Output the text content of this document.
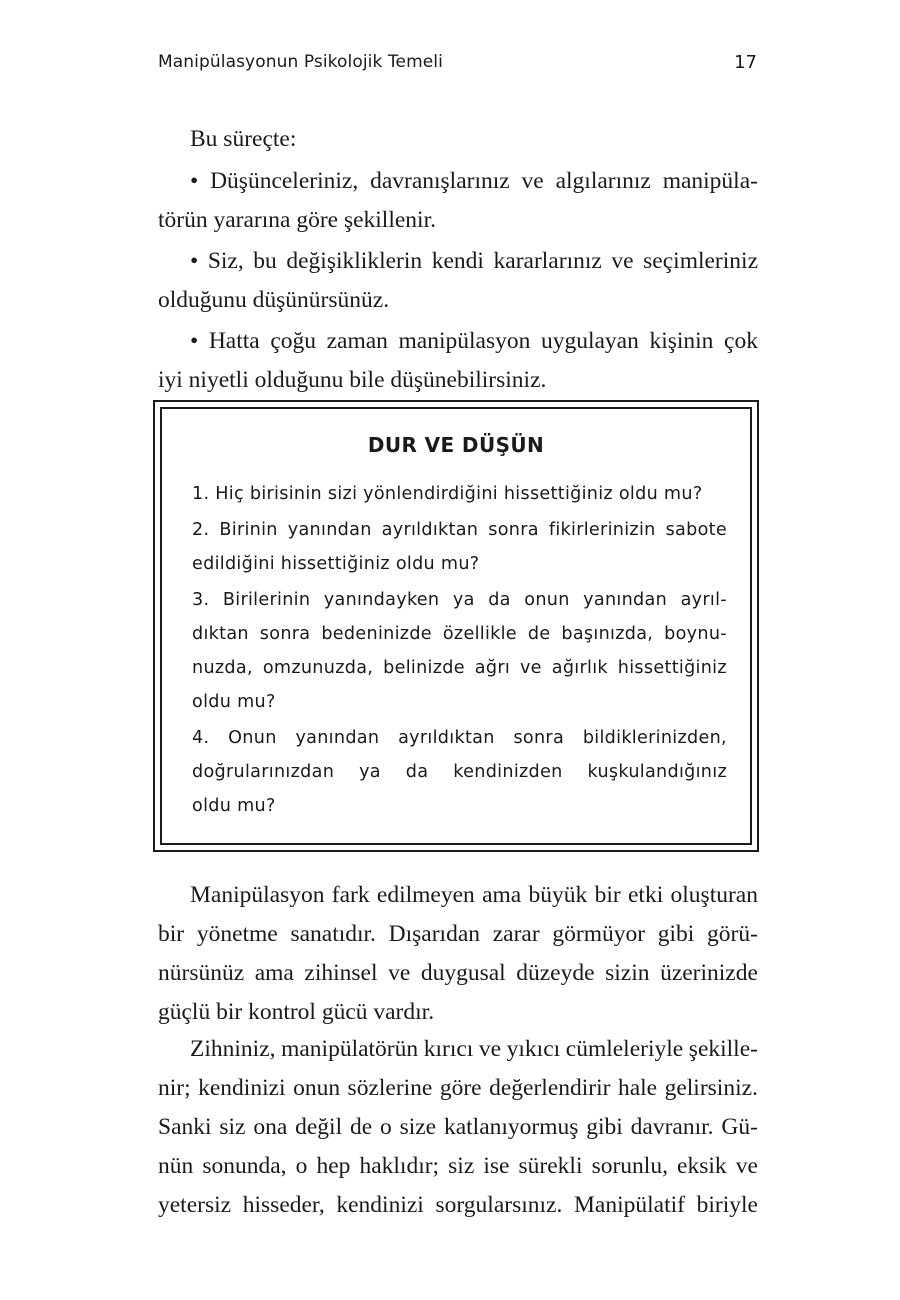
Manipülasyonun Psikolojik Temeli	17
Bu süreçte:
• Düşünceleriniz, davranışlarınız ve algılarınız manipüla-
törün yararına göre şekillenir.
• Siz, bu değişikliklerin kendi kararlarınız ve seçimleriniz
olduğunu düşünürsünüz.
• Hatta çoğu zaman manipülasyon uygulayan kişinin çok
iyi niyetli olduğunu bile düşünebilirsiniz.
DUR VE DÜŞÜN
1. Hiç birisinin sizi yönlendirdiğini hissettiğiniz oldu mu?
2. Birinin yanından ayrıldıktan sonra fikirlerinizin sabote
edildiğini hissettiğiniz oldu mu?
3. Birilerinin yanındayken ya da onun yanından ayrıl-
dıktan sonra bedeninizde özellikle de başınızda, boynu-
nuzda, omzunuzda, belinizde ağrı ve ağırlık hissettiğiniz
oldu mu?
4. Onun yanından ayrıldıktan sonra bildiklerinizden,
doğrularınızdan ya da kendinizden kuşkulandığınız
oldu mu?
Manipülasyon fark edilmeyen ama büyük bir etki oluşturan
bir yönetme sanatıdır. Dışarıdan zarar görmüyor gibi görü-
nürsünüz ama zihinsel ve duygusal düzeyde sizin üzerinizde
güçlü bir kontrol gücü vardır.
Zihniniz, manipülatörün kırıcı ve yıkıcı cümleleriyle şekille-
nir; kendinizi onun sözlerine göre değerlendirir hale gelirsiniz.
Sanki siz ona değil de o size katlanıyormuş gibi davranır. Gü-
nün sonunda, o hep haklıdır; siz ise sürekli sorunlu, eksik ve
yetersiz hisseder, kendinizi sorgularsınız. Manipülatif biriyle
